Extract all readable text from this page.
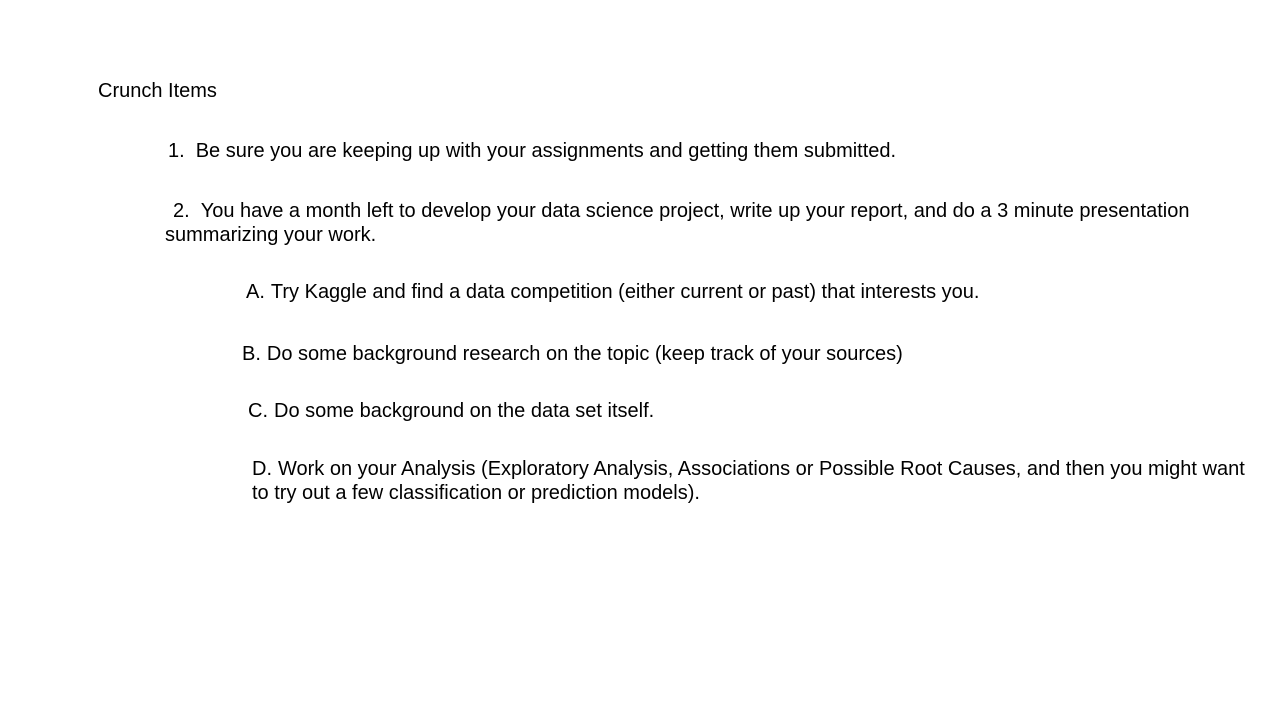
Crunch Items

1. Be sure you are keeping up with your assignments and getting them submitted.

2. You have a month left to develop your data science project, write up your report, and do a 3 minute presentation summarizing your work.

A. Try Kaggle and find a data competition (either current or past) that interests you.

B. Do some background research on the topic (keep track of your sources)

C. Do some background on the data set itself.

D. Work on your Analysis (Exploratory Analysis, Associations or Possible Root Causes, and then you might want to try out a few classification or prediction models).
